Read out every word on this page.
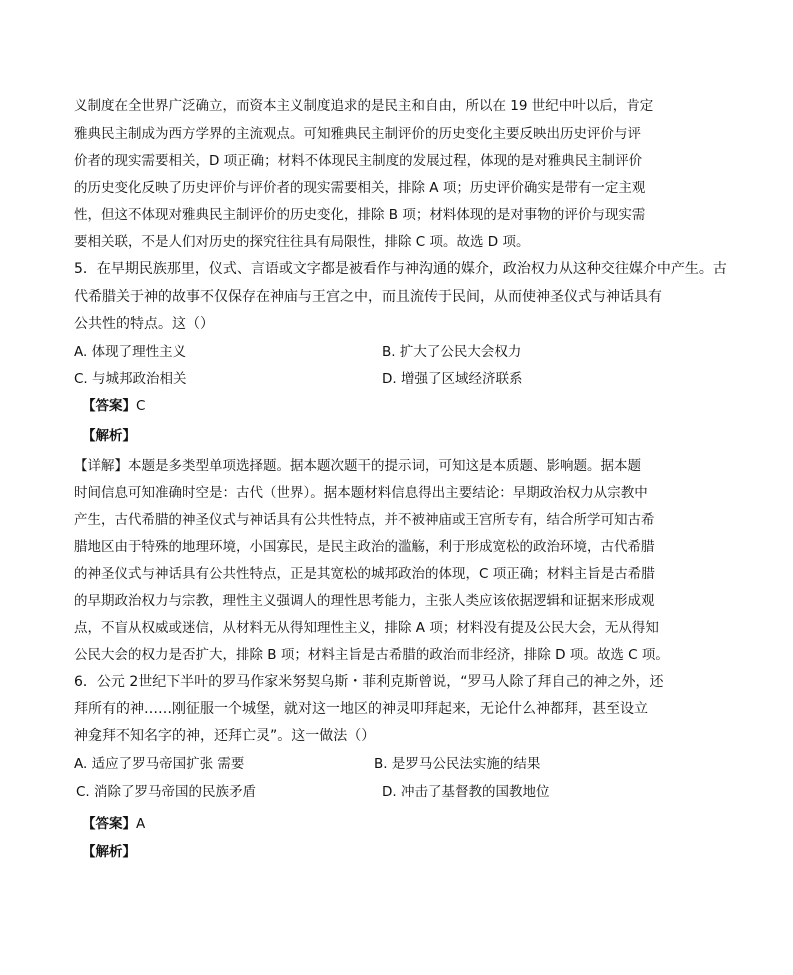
义制度在全世界广泛确立，而资本主义制度追求的是民主和自由，所以在 19 世纪中叶以后，肯定
雅典民主制成为西方学界的主流观点。可知雅典民主制评价的历史变化主要反映出历史评价与评
价者的现实需要相关，D 项正确；材料不体现民主制度的发展过程，体现的是对雅典民主制评价
的历史变化反映了历史评价与评价者的现实需要相关，排除 A 项；历史评价确实是带有一定主观
性，但这不体现对雅典民主制评价的历史变化，排除 B 项；材料体现的是对事物的评价与现实需
要相关联，不是人们对历史的探究往往具有局限性，排除 C 项。故选 D 项。
5．在早期民族那里，仪式、言语或文字都是被看作与神沟通的媒介，政治权力从这种交往媒介中产生。古
代希腊关于神的故事不仅保存在神庙与王宫之中，而且流传于民间，从而使神圣仪式与神话具有
公共性的特点。这（）
A. 体现了理性主义	B. 扩大了公民大会权力
C. 与城邦政治相关	D. 增强了区域经济联系
【答案】C
【解析】
【详解】本题是多类型单项选择题。据本题次题干的提示词，可知这是本质题、影响题。据本题
时间信息可知准确时空是：古代（世界）。据本题材料信息得出主要结论：早期政治权力从宗教中
产生，古代希腊的神圣仪式与神话具有公共性特点，并不被神庙或王宫所专有，结合所学可知古希
腊地区由于特殊的地理环境，小国寡民，是民主政治的滥觞，利于形成宽松的政治环境，古代希腊
的神圣仪式与神话具有公共性特点，正是其宽松的城邦政治的体现，C 项正确；材料主旨是古希腊
的早期政治权力与宗教，理性主义强调人的理性思考能力，主张人类应该依据逻辑和证据来形成观
点，不盲从权威或迷信，从材料无从得知理性主义，排除 A 项；材料没有提及公民大会，无从得知
公民大会的权力是否扩大，排除 B 项；材料主旨是古希腊的政治而非经济，排除 D 项。故选 C 项。
6．公元 2世纪下半叶的罗马作家米努契乌斯・菲利克斯曾说，“罗马人除了拜自己的神之外，还
拜所有的神……刚征服一个城堡，就对这一地区的神灵叩拜起来，无论什么神都拜，甚至设立
神龛拜不知名字的神，还拜亡灵”。这一做法（）
A. 适应了罗马帝国扩张 需要	B. 是罗马公民法实施的结果
C. 消除了罗马帝国的民族矛盾	D. 冲击了基督教的国教地位
【答案】A
【解析】
